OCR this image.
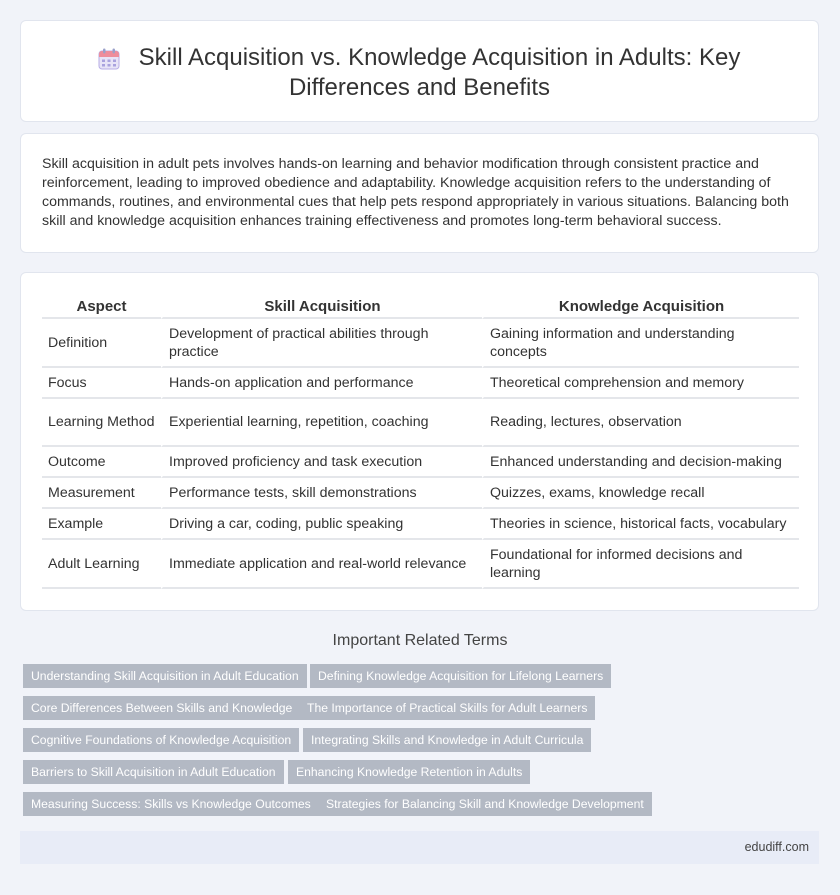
Skill Acquisition vs. Knowledge Acquisition in Adults: Key
Differences and Benefits

Skill acquisition in adult pets involves hands-on learning and behavior modification through consistent practice and reinforcement, leading to improved obedience and adaptability. Knowledge acquisition refers to the understanding of commands, routines, and environmental cues that help pets respond appropriately in various situations. Balancing both skill and knowledge acquisition enhances training effectiveness and promotes long-term behavioral success.

Aspect	Skill Acquisition	Knowledge Acquisition
Definition	Development of practical abilities through practice	Gaining information and understanding concepts
Focus	Hands-on application and performance	Theoretical comprehension and memory
Learning Method	Experiential learning, repetition, coaching	Reading, lectures, observation
Outcome	Improved proficiency and task execution	Enhanced understanding and decision-making
Measurement	Performance tests, skill demonstrations	Quizzes, exams, knowledge recall
Example	Driving a car, coding, public speaking	Theories in science, historical facts, vocabulary
Adult Learning	Immediate application and real-world relevance	Foundational for informed decisions and learning
Important Related Terms
Understanding Skill Acquisition in Adult Education	Defining Knowledge Acquisition for Lifelong Learners
Core Differences Between Skills and Knowledge	The Importance of Practical Skills for Adult Learners
Cognitive Foundations of Knowledge Acquisition	Integrating Skills and Knowledge in Adult Curricula
Barriers to Skill Acquisition in Adult Education	Enhancing Knowledge Retention in Adults
Measuring Success: Skills vs Knowledge Outcomes	Strategies for Balancing Skill and Knowledge Development
edudiff.com
